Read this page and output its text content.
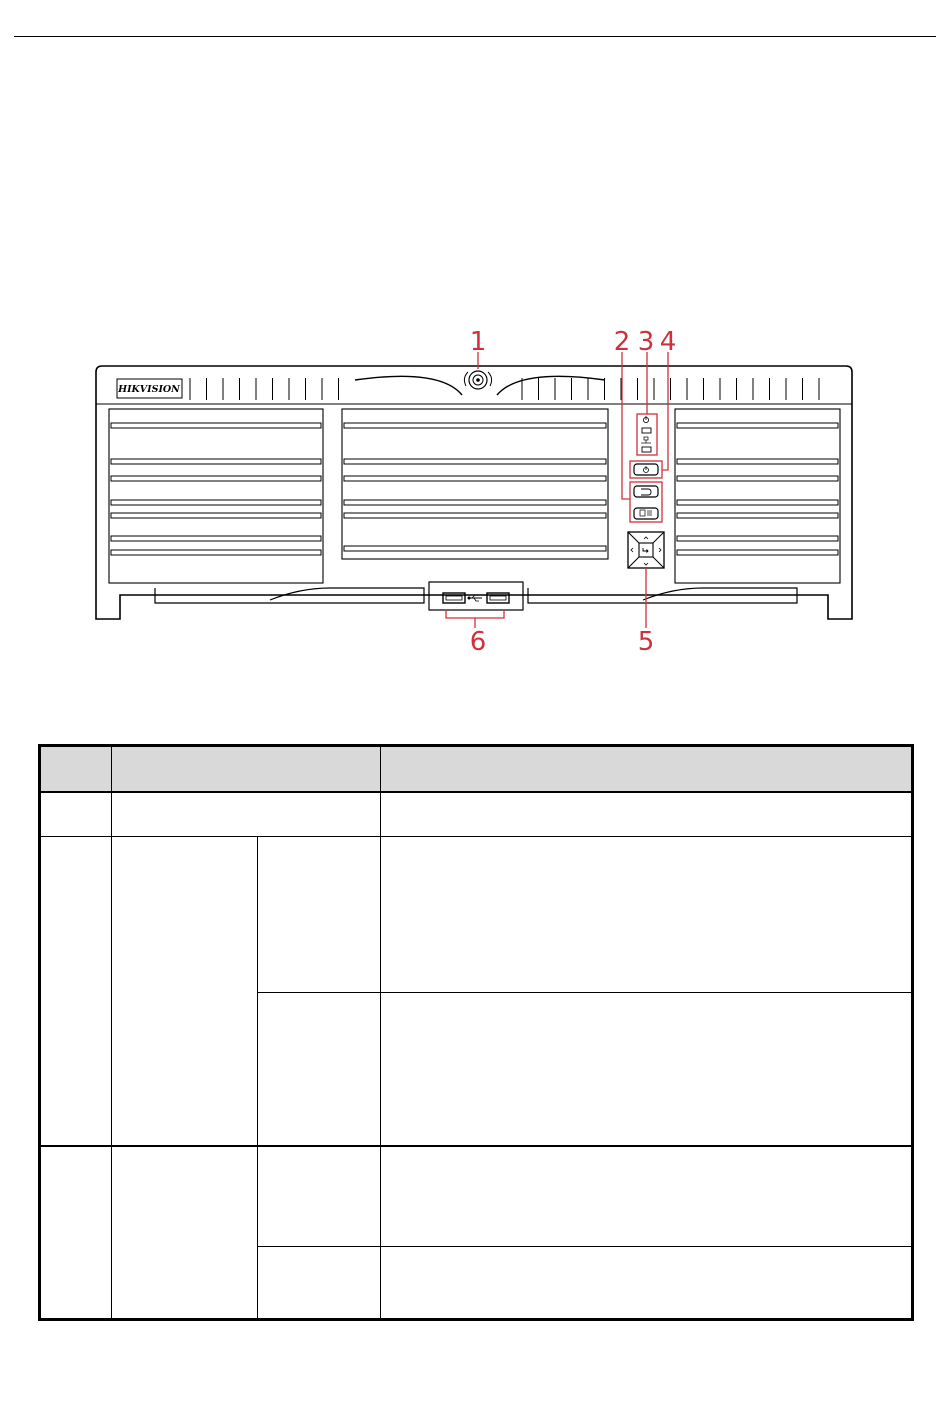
HIKVISION
1	2 3 4
5
6
